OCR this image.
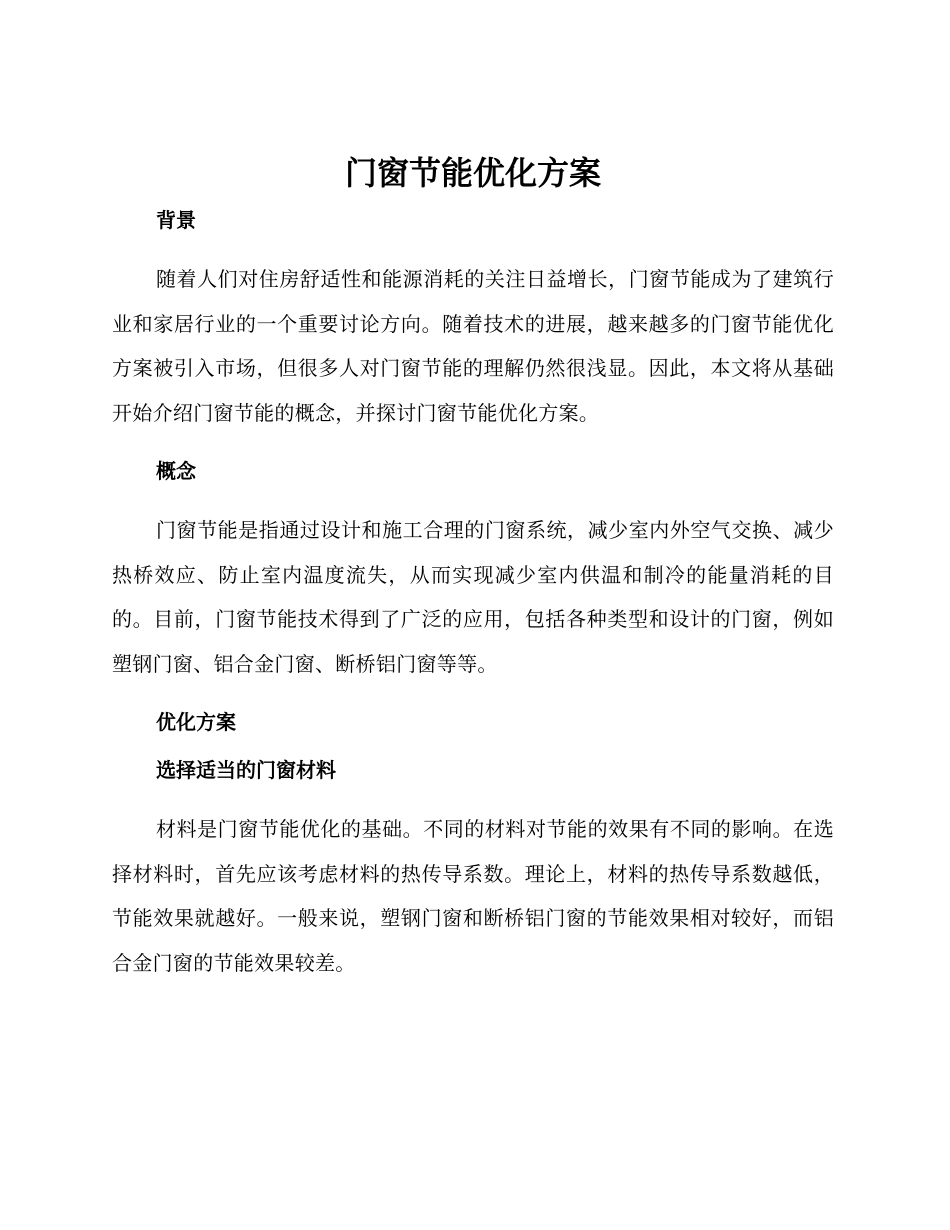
门窗节能优化方案
背景

随着人们对住房舒适性和能源消耗的关注日益增长，门窗节能成为了建筑行业和家居行业的一个重要讨论方向。随着技术的进展，越来越多的门窗节能优化方案被引入市场，但很多人对门窗节能的理解仍然很浅显。因此，本文将从基础开始介绍门窗节能的概念，并探讨门窗节能优化方案。

概念

门窗节能是指通过设计和施工合理的门窗系统，减少室内外空气交换、减少热桥效应、防止室内温度流失，从而实现减少室内供温和制冷的能量消耗的目的。目前，门窗节能技术得到了广泛的应用，包括各种类型和设计的门窗，例如塑钢门窗、铝合金门窗、断桥铝门窗等等。

优化方案
选择适当的门窗材料

材料是门窗节能优化的基础。不同的材料对节能的效果有不同的影响。在选择材料时，首先应该考虑材料的热传导系数。理论上，材料的热传导系数越低，节能效果就越好。一般来说，塑钢门窗和断桥铝门窗的节能效果相对较好，而铝合金门窗的节能效果较差。
